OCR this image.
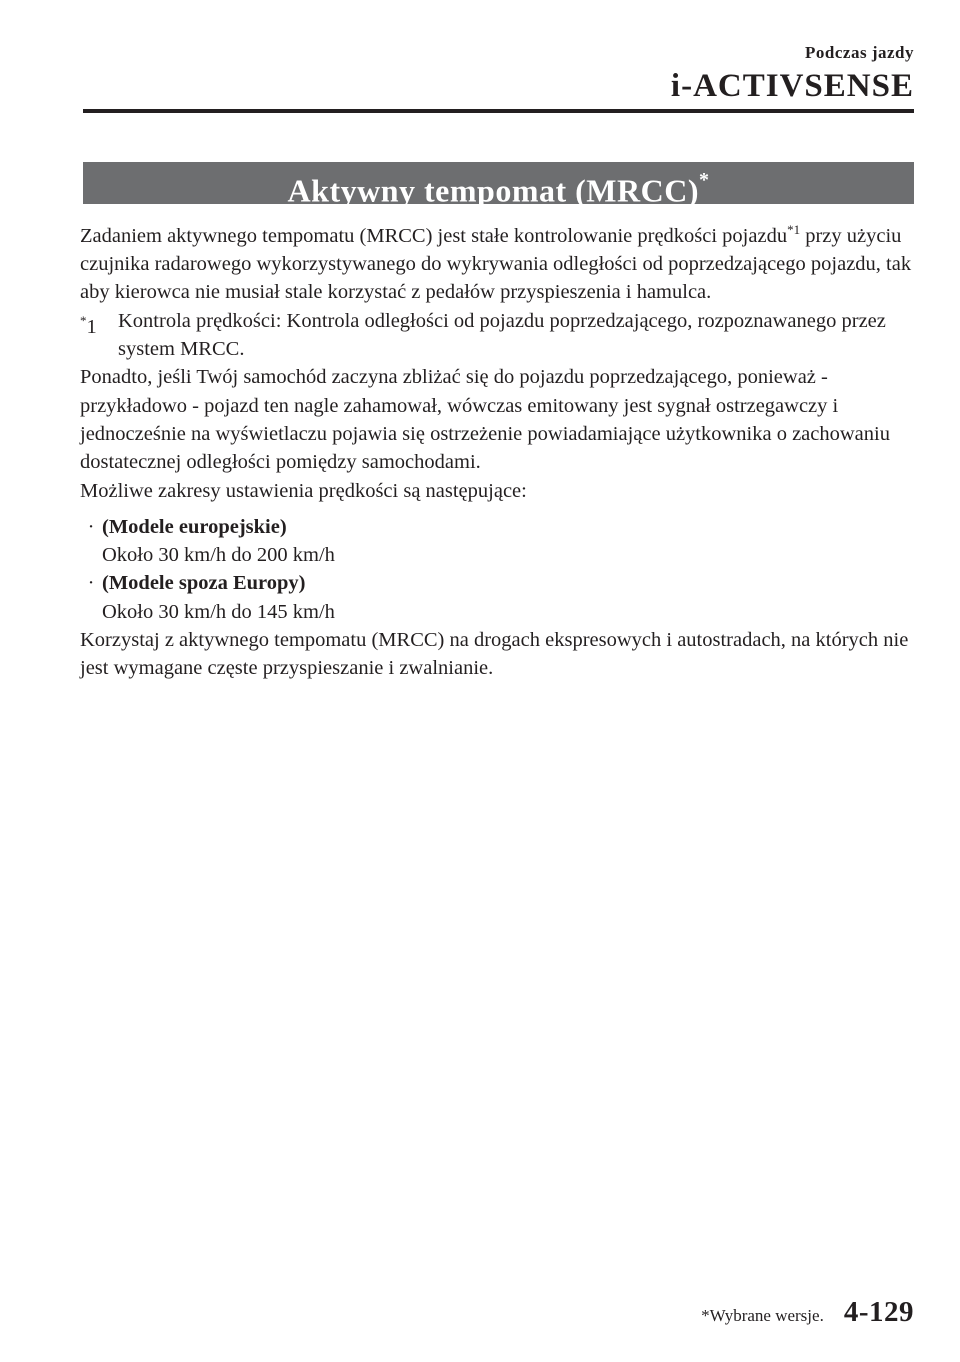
Podczas jazdy
i-ACTIVSENSE
Aktywny tempomat (MRCC)*

Zadaniem aktywnego tempomatu (MRCC) jest stałe kontrolowanie prędkości pojazdu$^{*1}$ przy użyciu czujnika radarowego wykorzystywanego do wykrywania odległości od poprzedzającego pojazdu, tak aby kierowca nie musiał stale korzystać z pedałów przyspieszenia i hamulca.

*1	Kontrola prędkości: Kontrola odległości od pojazdu poprzedzającego, rozpoznawanego przez system MRCC.

Ponadto, jeśli Twój samochód zaczyna zbliżać się do pojazdu poprzedzającego, ponieważ - przykładowo - pojazd ten nagle zahamował, wówczas emitowany jest sygnał ostrzegawczy i jednocześnie na wyświetlaczu pojawia się ostrzeżenie powiadamiające użytkownika o zachowaniu dostatecznej odległości pomiędzy samochodami.

Możliwe zakresy ustawienia prędkości są następujące:

· (Modele europejskie)
Około 30 km/h do 200 km/h
· (Modele spoza Europy)
Około 30 km/h do 145 km/h

Korzystaj z aktywnego tempomatu (MRCC) na drogach ekspresowych i autostradach, na których nie jest wymagane częste przyspieszanie i zwalnianie.

*Wybrane wersje. 4-129
